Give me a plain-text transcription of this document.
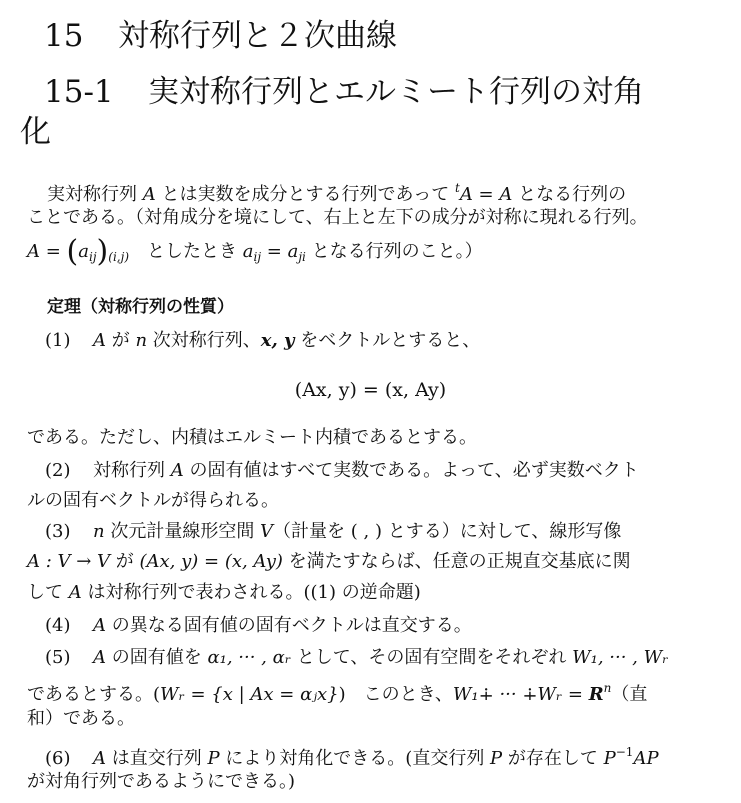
15 対称行列と２次曲線
15-1 実対称行列とエルミート行列の対角
化
実対称行列 A とは実数を成分とする行列であって $^t$A = A となる行列の
ことである。（対角成分を境にして、右上と左下の成分が対称に現れる行列。
$A = (a_{ij})_{(i,j)}$　としたとき $a_{ij} = a_{ji}$ となる行列のこと。）
定理（対称行列の性質）
(1) A が n 次対称行列、x, y をベクトルとすると、
(Ax, y) = (x, Ay)
である。ただし、内積はエルミート内積であるとする。
(2) 対称行列 A の固有値はすべて実数である。よって、必ず実数ベクト
ルの固有ベクトルが得られる。
(3) n 次元計量線形空間 V（計量を ( , ) とする）に対して、線形写像
A : V → V が (Ax, y) = (x, Ay) を満たすならば、任意の正規直交基底に関
して A は対称行列で表わされる。((1) の逆命題)
(4) A の異なる固有値の固有ベクトルは直交する。
(5) A の固有値を α₁, ··· , αᵣ として、その固有空間をそれぞれ W₁, ··· , Wᵣ
であるとする。(Wᵣ = {x | Ax = αⱼx})　このとき、W₁∔ ··· ∔Wᵣ = $R^n$（直
和）である。
(6) A は直交行列 P により対角化できる。(直交行列 P が存在して $P^{-1}AP$
が対角行列であるようにできる。)
